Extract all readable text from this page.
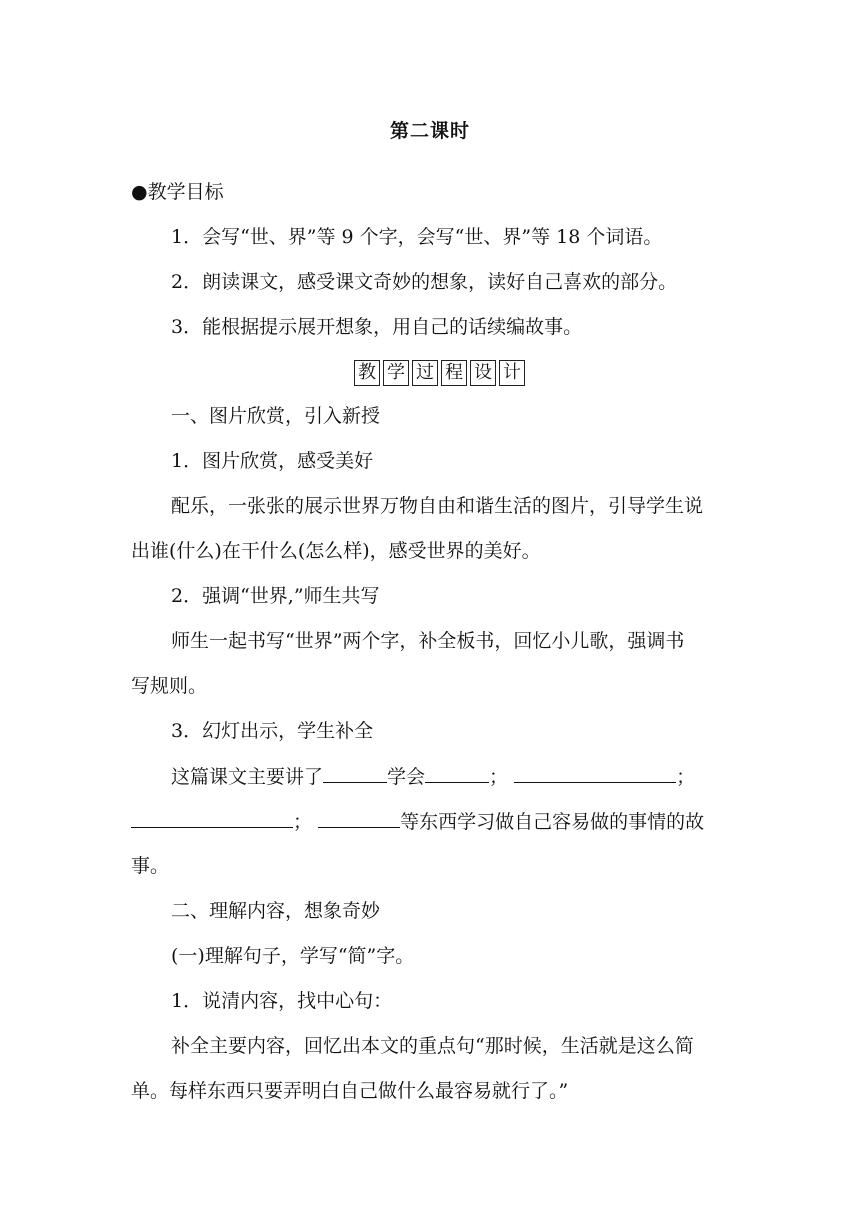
第二课时
●教学目标
1．会写“世、界”等 9 个字，会写“世、界”等 18 个词语。
2．朗读课文，感受课文奇妙的想象，读好自己喜欢的部分。
3．能根据提示展开想象，用自己的话续编故事。
教 学 过 程 设 计
一、图片欣赏，引入新授
1．图片欣赏，感受美好
配乐，一张张的展示世界万物自由和谐生活的图片，引导学生说
出谁(什么)在干什么(怎么样)，感受世界的美好。
2．强调“世界,”师生共写
师生一起书写“世界”两个字，补全板书，回忆小儿歌，强调书
写规则。
3．幻灯出示，学生补全
这篇课文主要讲了	学会	；	；
；	等东西学习做自己容易做的事情的故
事。
二、理解内容，想象奇妙
(一)理解句子，学写“简”字。
1．说清内容，找中心句：
补全主要内容，回忆出本文的重点句“那时候，生活就是这么简
单。每样东西只要弄明白自己做什么最容易就行了。”
